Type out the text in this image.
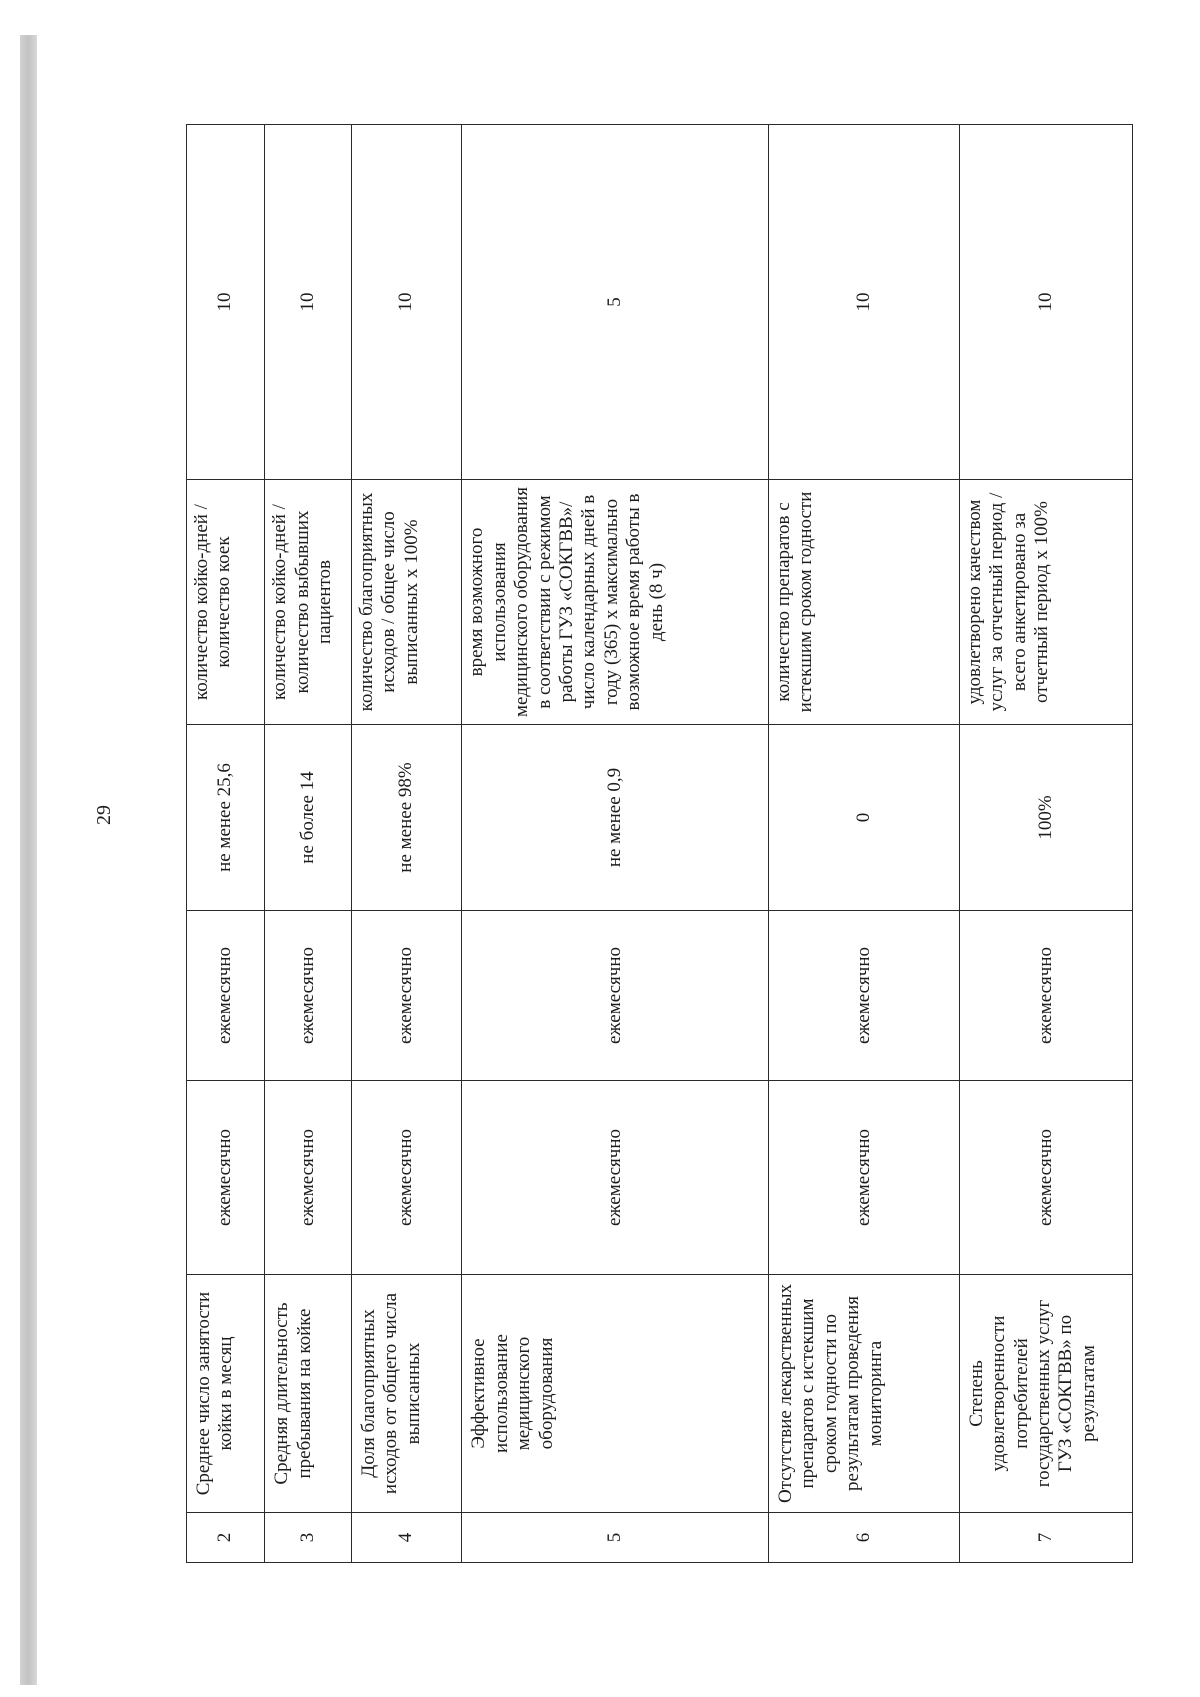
29
2	Среднее число занятости койки в месяц	ежемесячно	ежемесячно	не менее 25,6	количество койко-дней / количество коек	10
3	Средняя длительность пребывания на койке	ежемесячно	ежемесячно	не более 14	количество койко-дней / количество выбывших пациентов	10
4	Доля благоприятных исходов от общего числа выписанных	ежемесячно	ежемесячно	не менее 98%	количество благоприятных исходов / общее число выписанных x 100%	10
5	Эффективное использование медицинского оборудования	ежемесячно	ежемесячно	не менее 0,9	время возможного использования медицинского оборудования в соответствии с режимом работы ГУЗ «СОКГВВ»/ число календарных дней в году (365) x максимально возможное время работы в день (8 ч)	5
6	Отсутствие лекарственных препаратов с истекшим сроком годности по результатам проведения мониторинга	ежемесячно	ежемесячно	0	количество препаратов с истекшим сроком годности	10
7	Степень удовлетворенности потребителей государственных услуг ГУЗ «СОКГВВ» по результатам	ежемесячно	ежемесячно	100%	удовлетворено качеством услуг за отчетный период / всего анкетировано за отчетный период x 100%	10
